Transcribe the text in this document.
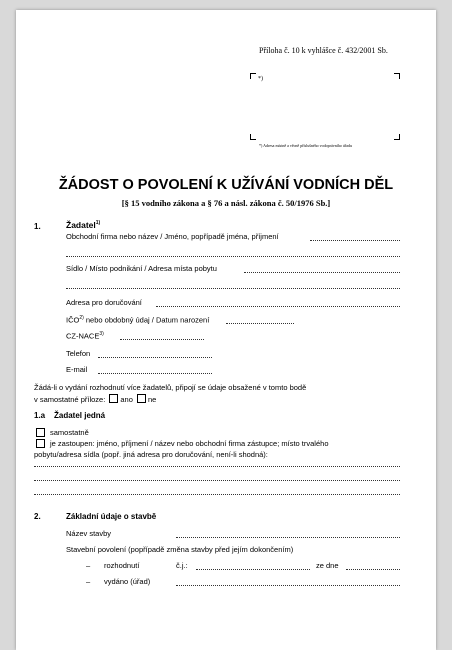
Příloha č. 10 k vyhlášce č. 432/2001 Sb.
*)
*) Adresa místně a věcně příslušného vodoprávního úřadu
ŽÁDOST O POVOLENÍ K UŽÍVÁNÍ VODNÍCH DĚL
[§ 15 vodního zákona a § 76 a násl. zákona č. 50/1976 Sb.]
1.	Žadatel$^{1)}$
Obchodní firma nebo název / Jméno, popřípadě jména, příjmení
Sídlo / Místo podnikání / Adresa místa pobytu
Adresa pro doručování
IČO$^{2)}$ nebo obdobný údaj / Datum narození
CZ-NACE$^{3)}$
Telefon
E-mail
Žádá-li o vydání rozhodnutí více žadatelů, připojí se údaje obsažené v tomto bodě
v samostatné příloze: ano ne
1.a Žadatel jedná
samostatně
je zastoupen: jméno, příjmení / název nebo obchodní firma zástupce; místo trvalého
pobytu/adresa sídla (popř. jiná adresa pro doručování, není-li shodná):
2.	Základní údaje o stavbě
Název stavby
Stavební povolení (popřípadě změna stavby před jejím dokončením)
– rozhodnutí	č.j.:	ze dne
– vydáno (úřad)
